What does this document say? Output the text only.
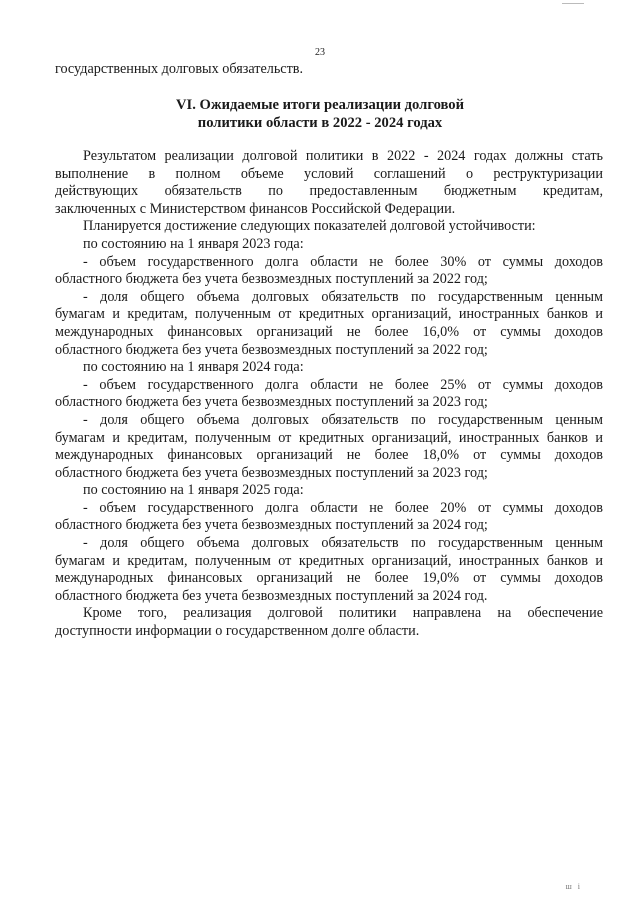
23
государственных долговых обязательств.
VI. Ожидаемые итоги реализации долговой
политики области в 2022 - 2024 годах
Результатом реализации долговой политики в 2022 - 2024 годах должны стать
выполнение в полном объеме условий соглашений о реструктуризации
действующих обязательств по предоставленным бюджетным кредитам,
заключенных с Министерством финансов Российской Федерации.
Планируется достижение следующих показателей долговой устойчивости:
по состоянию на 1 января 2023 года:
- объем государственного долга области не более 30% от суммы доходов
областного бюджета без учета безвозмездных поступлений за 2022 год;
- доля общего объема долговых обязательств по государственным ценным
бумагам и кредитам, полученным от кредитных организаций, иностранных банков и
международных финансовых организаций не более 16,0% от суммы доходов
областного бюджета без учета безвозмездных поступлений за 2022 год;
по состоянию на 1 января 2024 года:
- объем государственного долга области не более 25% от суммы доходов
областного бюджета без учета безвозмездных поступлений за 2023 год;
- доля общего объема долговых обязательств по государственным ценным
бумагам и кредитам, полученным от кредитных организаций, иностранных банков и
международных финансовых организаций не более 18,0% от суммы доходов
областного бюджета без учета безвозмездных поступлений за 2023 год;
по состоянию на 1 января 2025 года:
- объем государственного долга области не более 20% от суммы доходов
областного бюджета без учета безвозмездных поступлений за 2024 год;
- доля общего объема долговых обязательств по государственным ценным
бумагам и кредитам, полученным от кредитных организаций, иностранных банков и
международных финансовых организаций не более 19,0% от суммы доходов
областного бюджета без учета безвозмездных поступлений за 2024 год.
Кроме того, реализация долговой политики направлена на обеспечение
доступности информации о государственном долге области.
ш і
